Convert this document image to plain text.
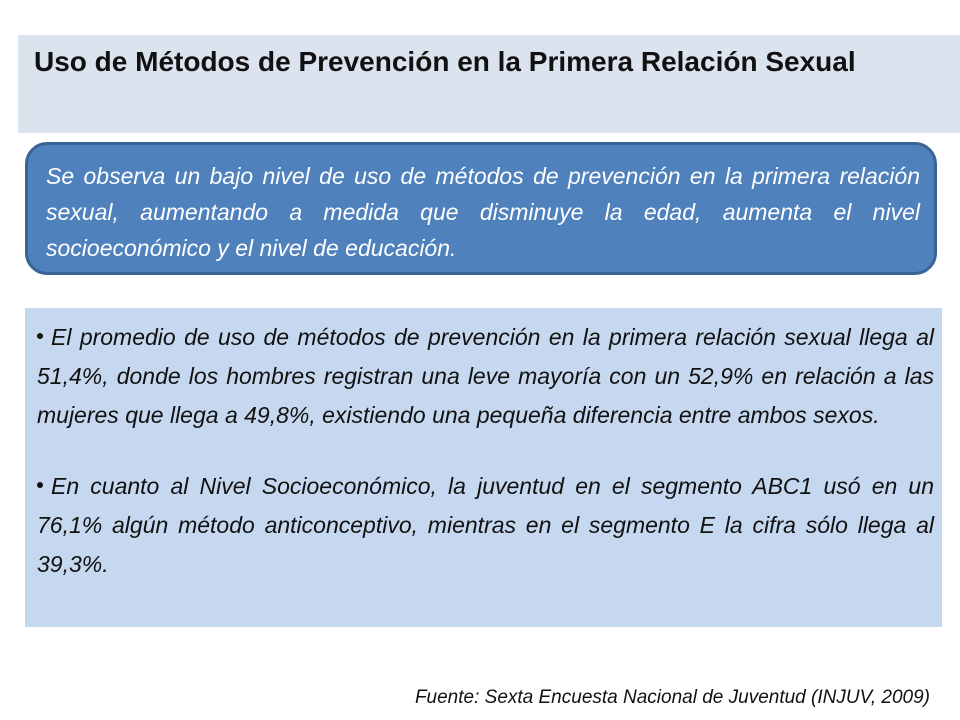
Uso de Métodos de Prevención en la Primera Relación Sexual

Se observa un bajo nivel de uso de métodos de prevención en la primera relación sexual, aumentando a medida que disminuye la edad, aumenta el nivel socioeconómico y el nivel de educación.

El promedio de uso de métodos de prevención en la primera relación sexual llega al 51,4%, donde los hombres registran una leve mayoría con un 52,9% en relación a las mujeres que llega a 49,8%, existiendo una pequeña diferencia entre ambos sexos.

En cuanto al Nivel Socioeconómico, la juventud en el segmento ABC1 usó en un 76,1% algún método anticonceptivo, mientras en el segmento E la cifra sólo llega al 39,3%.

Fuente: Sexta Encuesta Nacional de Juventud (INJUV, 2009)
